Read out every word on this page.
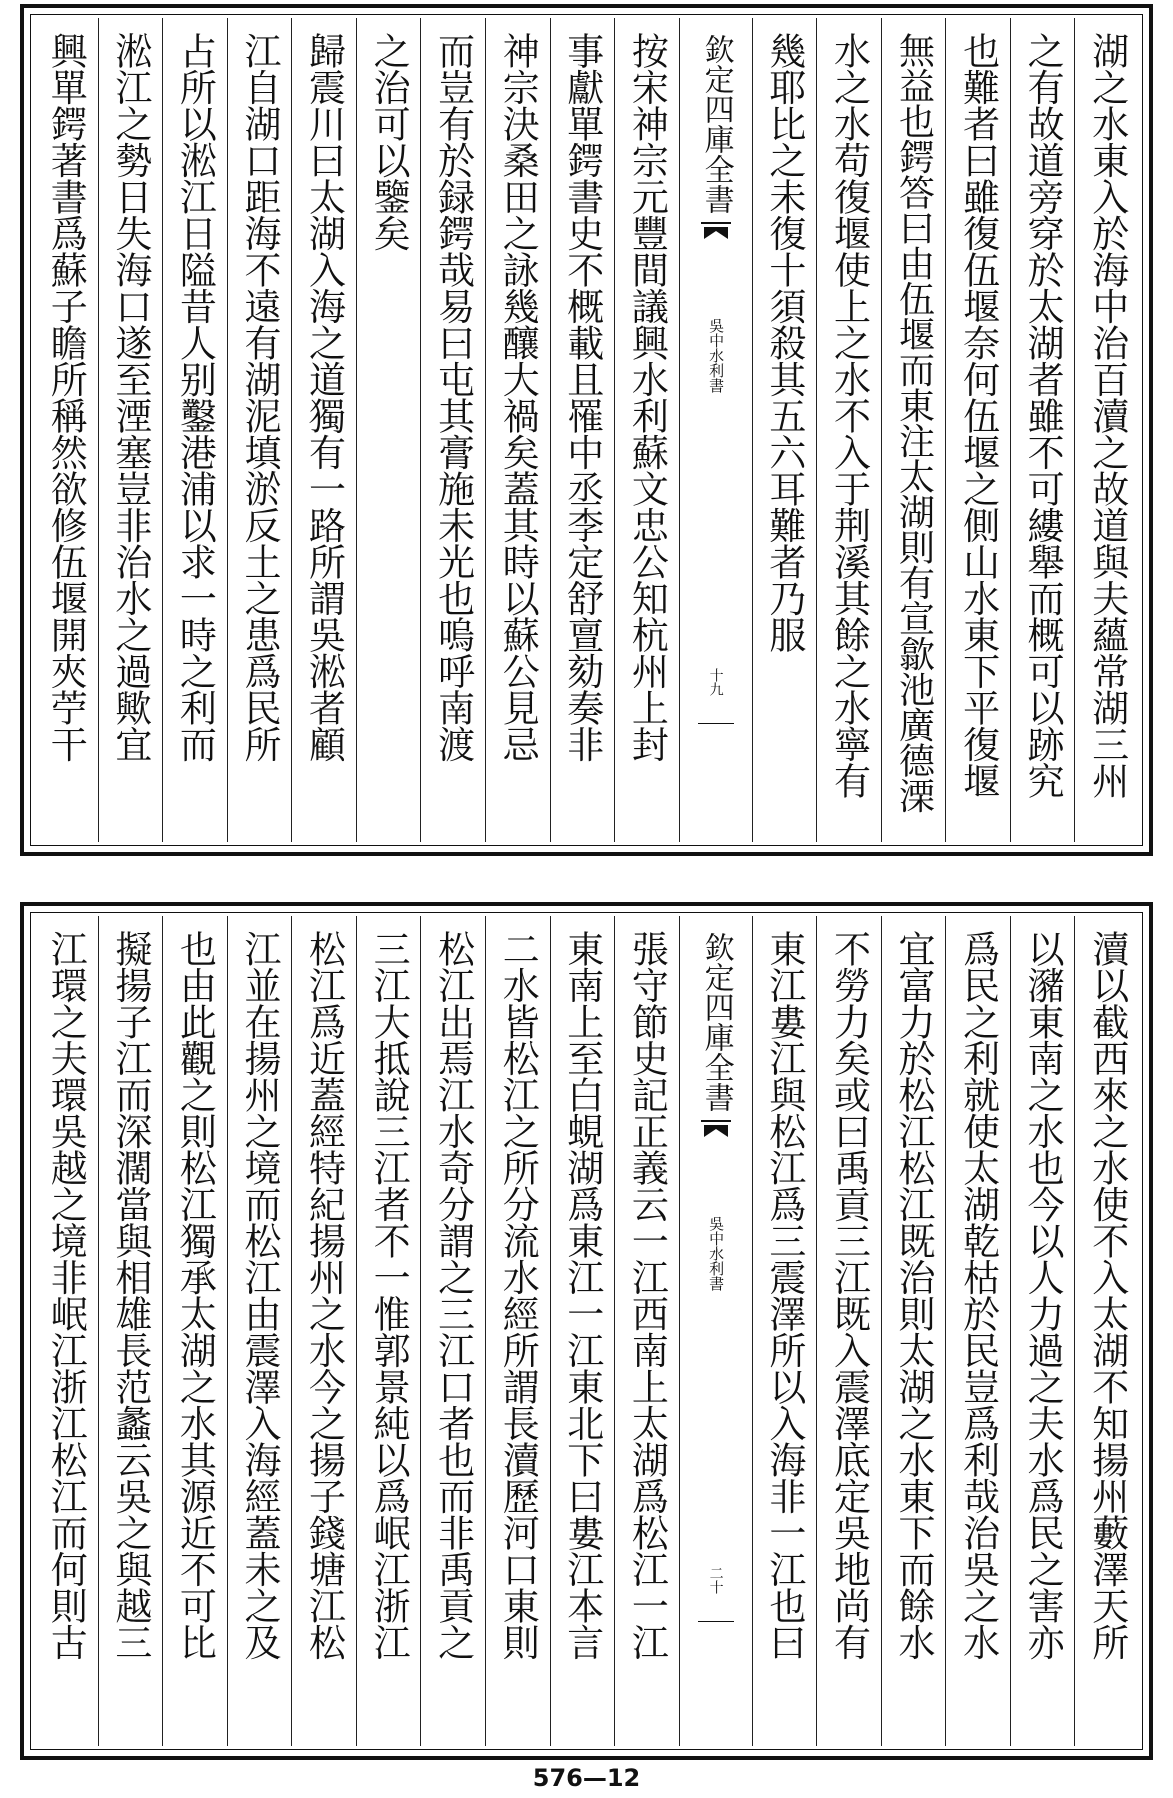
湖之水東入於海中治百瀆之故道與夫蘊常湖三州
之有故道旁穿於太湖者雖不可縷舉而概可以跡究
也難者曰雖復伍堰奈何伍堰之側山水東下平復堰
無益也鍔答曰由伍堰而東注太湖則有宣歙池廣德溧
水之水苟復堰使上之水不入于荆溪其餘之水寧有
幾耶比之未復十須殺其五六耳難者乃服
欽定四庫全書
吳中水利書
十九
按宋神宗元豐間議興水利蘇文忠公知杭州上封
事獻單鍔書史不概載且罹中丞李定舒亶劾奏非
神宗決桑田之詠幾釀大禍矣蓋其時以蘇公見忌
而豈有於録鍔哉易曰屯其膏施未光也嗚呼南渡
之治可以鑒矣
歸震川曰太湖入海之道獨有一路所謂吳淞者顧
江自湖口距海不遠有湖泥填淤反土之患爲民所
占所以淞江日隘昔人别鑿港浦以求一時之利而
淞江之勢日失海口遂至湮塞豈非治水之過歟宜
興單鍔著書爲蘇子瞻所稱然欲修伍堰開夾苧干
瀆以截西來之水使不入太湖不知揚州藪澤天所
以瀦東南之水也今以人力過之夫水爲民之害亦
爲民之利就使太湖乾枯於民豈爲利哉治吳之水
宜富力於松江松江既治則太湖之水東下而餘水
不勞力矣或曰禹貢三江既入震澤底定吳地尚有
東江婁江與松江爲三震澤所以入海非一江也曰
欽定四庫全書
吳中水利書
二十
張守節史記正義云一江西南上太湖爲松江一江
東南上至白蜆湖爲東江一江東北下曰婁江本言
二水皆松江之所分流水經所謂長瀆歷河口東則
松江出焉江水奇分謂之三江口者也而非禹貢之
三江大抵說三江者不一惟郭景純以爲岷江浙江
松江爲近蓋經特紀揚州之水今之揚子錢塘江松
江並在揚州之境而松江由震澤入海經蓋未之及
也由此觀之則松江獨承太湖之水其源近不可比
擬揚子江而深濶當與相雄長范蠡云吳之與越三
江環之夫環吳越之境非岷江浙江松江而何則古
576—12
